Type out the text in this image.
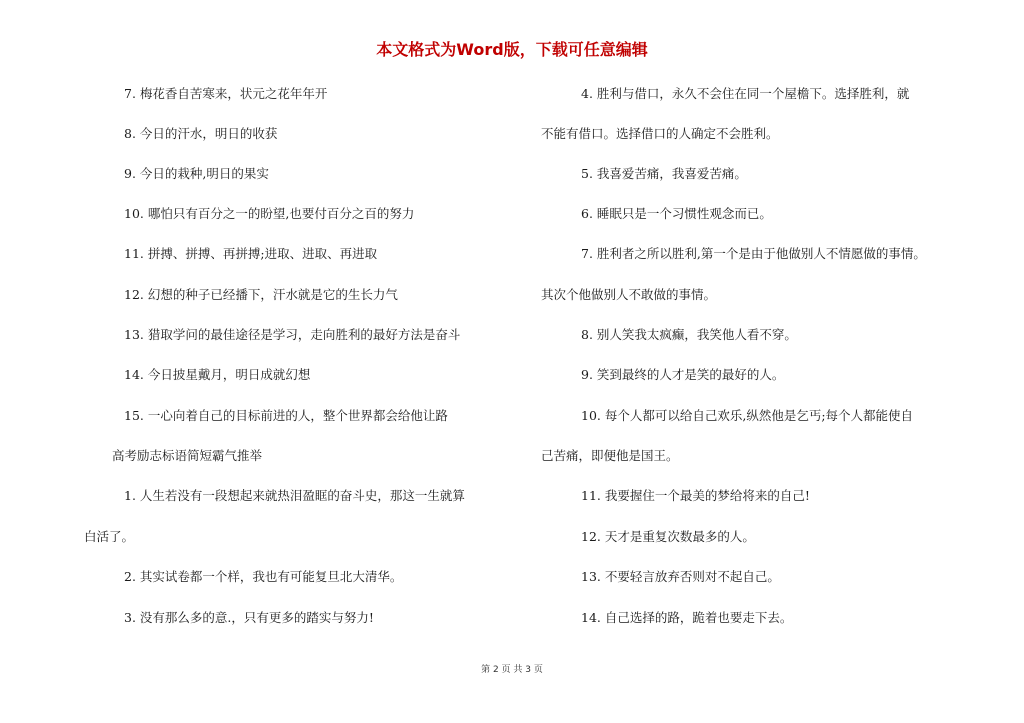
本文格式为Word版，下载可任意编辑
7. 梅花香自苦寒来，状元之花年年开
8. 今日的汗水，明日的收获
9. 今日的栽种,明日的果实
10. 哪怕只有百分之一的盼望,也要付百分之百的努力
11. 拼搏、拼搏、再拼搏;进取、进取、再进取
12. 幻想的种子已经播下，汗水就是它的生长力气
13. 猎取学问的最佳途径是学习，走向胜利的最好方法是奋斗
14. 今日披星戴月，明日成就幻想
15. 一心向着自己的目标前进的人，整个世界都会给他让路
高考励志标语简短霸气推举
1. 人生若没有一段想起来就热泪盈眶的奋斗史，那这一生就算
白活了。
2. 其实试卷都一个样，我也有可能复旦北大清华。
3. 没有那么多的意.，只有更多的踏实与努力!
4. 胜利与借口，永久不会住在同一个屋檐下。选择胜利，就
不能有借口。选择借口的人确定不会胜利。
5. 我喜爱苦痛，我喜爱苦痛。
6. 睡眠只是一个习惯性观念而已。
7. 胜利者之所以胜利,第一个是由于他做别人不情愿做的事情。
其次个他做别人不敢做的事情。
8. 别人笑我太疯癫，我笑他人看不穿。
9. 笑到最终的人才是笑的最好的人。
10. 每个人都可以给自己欢乐,纵然他是乞丐;每个人都能使自
己苦痛，即便他是国王。
11. 我要握住一个最美的梦给将来的自己!
12. 天才是重复次数最多的人。
13. 不要轻言放弃否则对不起自己。
14. 自己选择的路，跪着也要走下去。
第 2 页 共 3 页
